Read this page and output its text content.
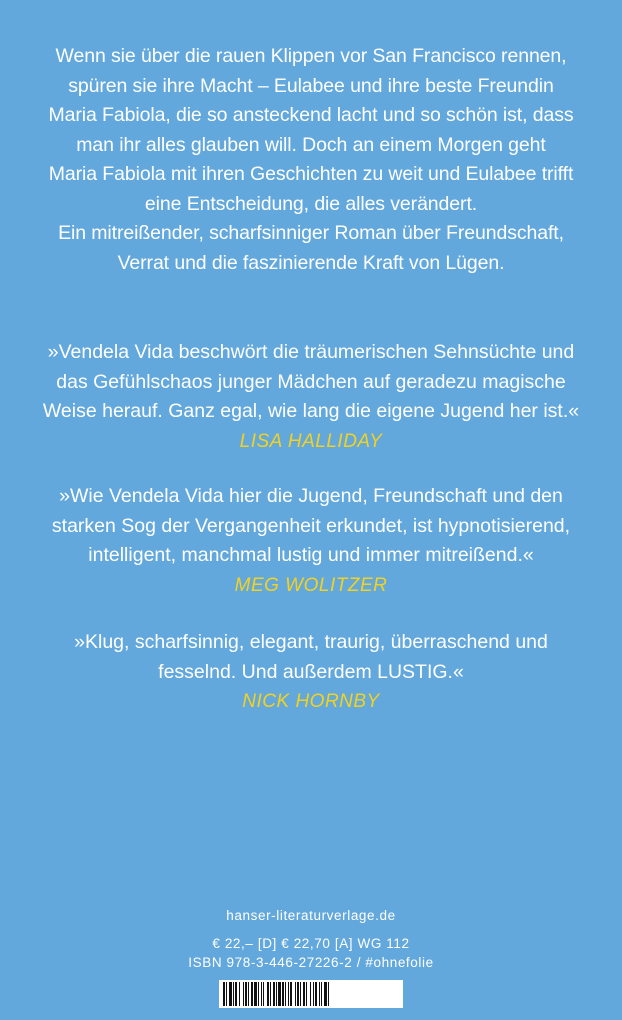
Wenn sie über die rauen Klippen vor San Francisco rennen,
spüren sie ihre Macht – Eulabee und ihre beste Freundin
Maria Fabiola, die so ansteckend lacht und so schön ist, dass
man ihr alles glauben will. Doch an einem Morgen geht
Maria Fabiola mit ihren Geschichten zu weit und Eulabee trifft
eine Entscheidung, die alles verändert.
Ein mitreißender, scharfsinniger Roman über Freundschaft,
Verrat und die faszinierende Kraft von Lügen.
»Vendela Vida beschwört die träumerischen Sehnsüchte und
das Gefühlschaos junger Mädchen auf geradezu magische
Weise herauf. Ganz egal, wie lang die eigene Jugend her ist.«
LISA HALLIDAY
»Wie Vendela Vida hier die Jugend, Freundschaft und den
starken Sog der Vergangenheit erkundet, ist hypnotisierend,
intelligent, manchmal lustig und immer mitreißend.«
MEG WOLITZER
»Klug, scharfsinnig, elegant, traurig, überraschend und
fesselnd. Und außerdem LUSTIG.«
NICK HORNBY
hanser-literaturverlage.de
€ 22,– [D] € 22,70 [A] WG 112
ISBN 978-3-446-27226-2 / #ohnefolie
